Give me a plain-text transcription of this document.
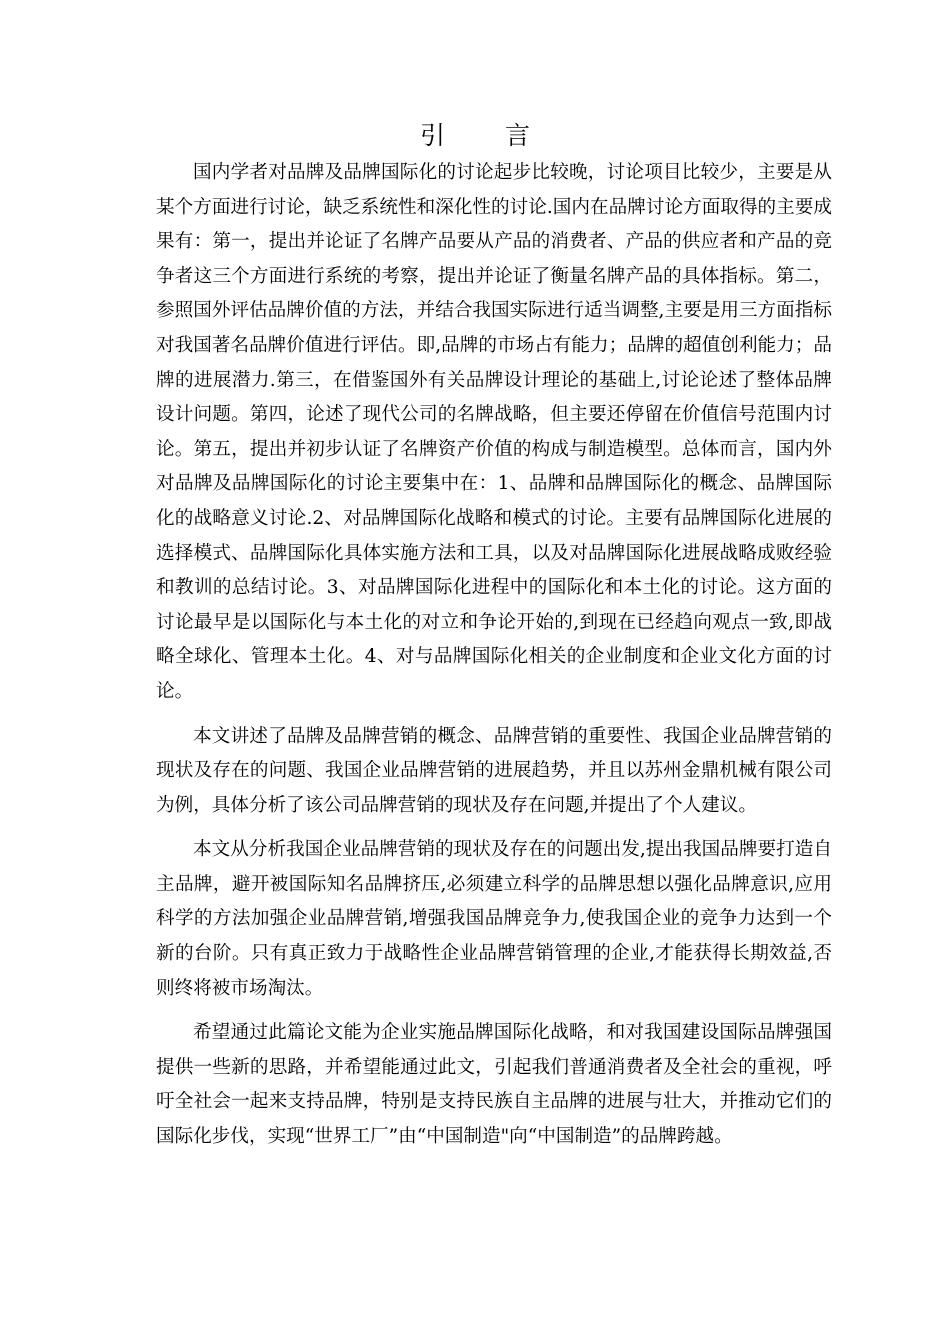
引 言

国内学者对品牌及品牌国际化的讨论起步比较晚，讨论项目比较少，主要是从某个方面进行讨论，缺乏系统性和深化性的讨论.国内在品牌讨论方面取得的主要成果有：第一，提出并论证了名牌产品要从产品的消费者、产品的供应者和产品的竞争者这三个方面进行系统的考察，提出并论证了衡量名牌产品的具体指标。第二，参照国外评估品牌价值的方法，并结合我国实际进行适当调整,主要是用三方面指标对我国著名品牌价值进行评估。即,品牌的市场占有能力；品牌的超值创利能力；品牌的进展潜力.第三，在借鉴国外有关品牌设计理论的基础上,讨论论述了整体品牌设计问题。第四，论述了现代公司的名牌战略，但主要还停留在价值信号范围内讨论。第五，提出并初步认证了名牌资产价值的构成与制造模型。总体而言，国内外对品牌及品牌国际化的讨论主要集中在：1、品牌和品牌国际化的概念、品牌国际化的战略意义讨论.2、对品牌国际化战略和模式的讨论。主要有品牌国际化进展的选择模式、品牌国际化具体实施方法和工具，以及对品牌国际化进展战略成败经验和教训的总结讨论。3、对品牌国际化进程中的国际化和本土化的讨论。这方面的讨论最早是以国际化与本土化的对立和争论开始的,到现在已经趋向观点一致,即战略全球化、管理本土化。4、对与品牌国际化相关的企业制度和企业文化方面的讨论。

本文讲述了品牌及品牌营销的概念、品牌营销的重要性、我国企业品牌营销的现状及存在的问题、我国企业品牌营销的进展趋势，并且以苏州金鼎机械有限公司为例，具体分析了该公司品牌营销的现状及存在问题,并提出了个人建议。

本文从分析我国企业品牌营销的现状及存在的问题出发,提出我国品牌要打造自主品牌，避开被国际知名品牌挤压,必须建立科学的品牌思想以强化品牌意识,应用科学的方法加强企业品牌营销,增强我国品牌竞争力,使我国企业的竞争力达到一个新的台阶。只有真正致力于战略性企业品牌营销管理的企业,才能获得长期效益,否则终将被市场淘汰。

希望通过此篇论文能为企业实施品牌国际化战略，和对我国建设国际品牌强国提供一些新的思路，并希望能通过此文，引起我们普通消费者及全社会的重视，呼吁全社会一起来支持品牌，特别是支持民族自主品牌的进展与壮大，并推动它们的国际化步伐，实现“世界工厂”由“中国制造"向“中国制造”的品牌跨越。
